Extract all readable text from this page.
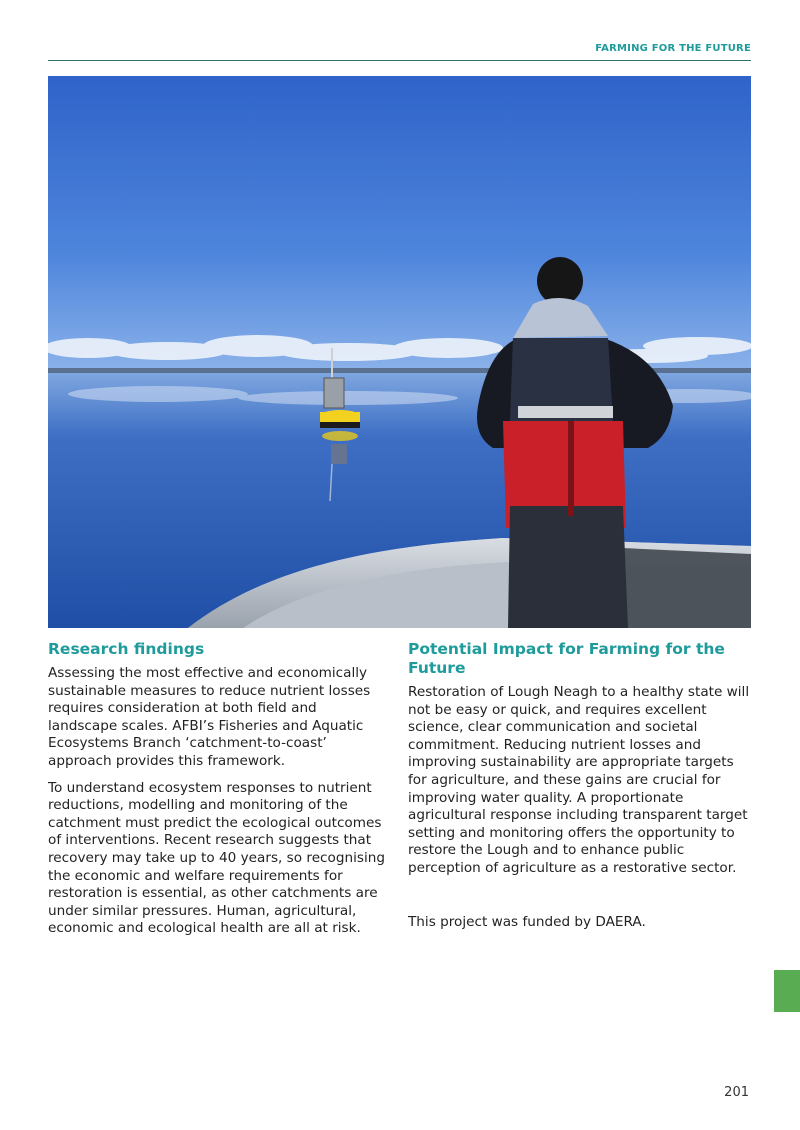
FARMING FOR THE FUTURE
Research findings

Assessing the most effective and economically sustainable measures to reduce nutrient losses requires consideration at both field and landscape scales. AFBI’s Fisheries and Aquatic Ecosystems Branch ‘catchment-to-coast’ approach provides this framework.

To understand ecosystem responses to nutrient reductions, modelling and monitoring of the catchment must predict the ecological outcomes of interventions. Recent research suggests that recovery may take up to 40 years, so recognising the economic and welfare requirements for restoration is essential, as other catchments are under similar pressures. Human, agricultural, economic and ecological health are all at risk.

Potential Impact for Farming for the Future

Restoration of Lough Neagh to a healthy state will not be easy or quick, and requires excellent science, clear communication and societal commitment. Reducing nutrient losses and improving sustainability are appropriate targets for agriculture, and these gains are crucial for improving water quality. A proportionate agricultural response including transparent target setting and monitoring offers the opportunity to restore the Lough and to enhance public perception of agriculture as a restorative sector.

This project was funded by DAERA.

201
